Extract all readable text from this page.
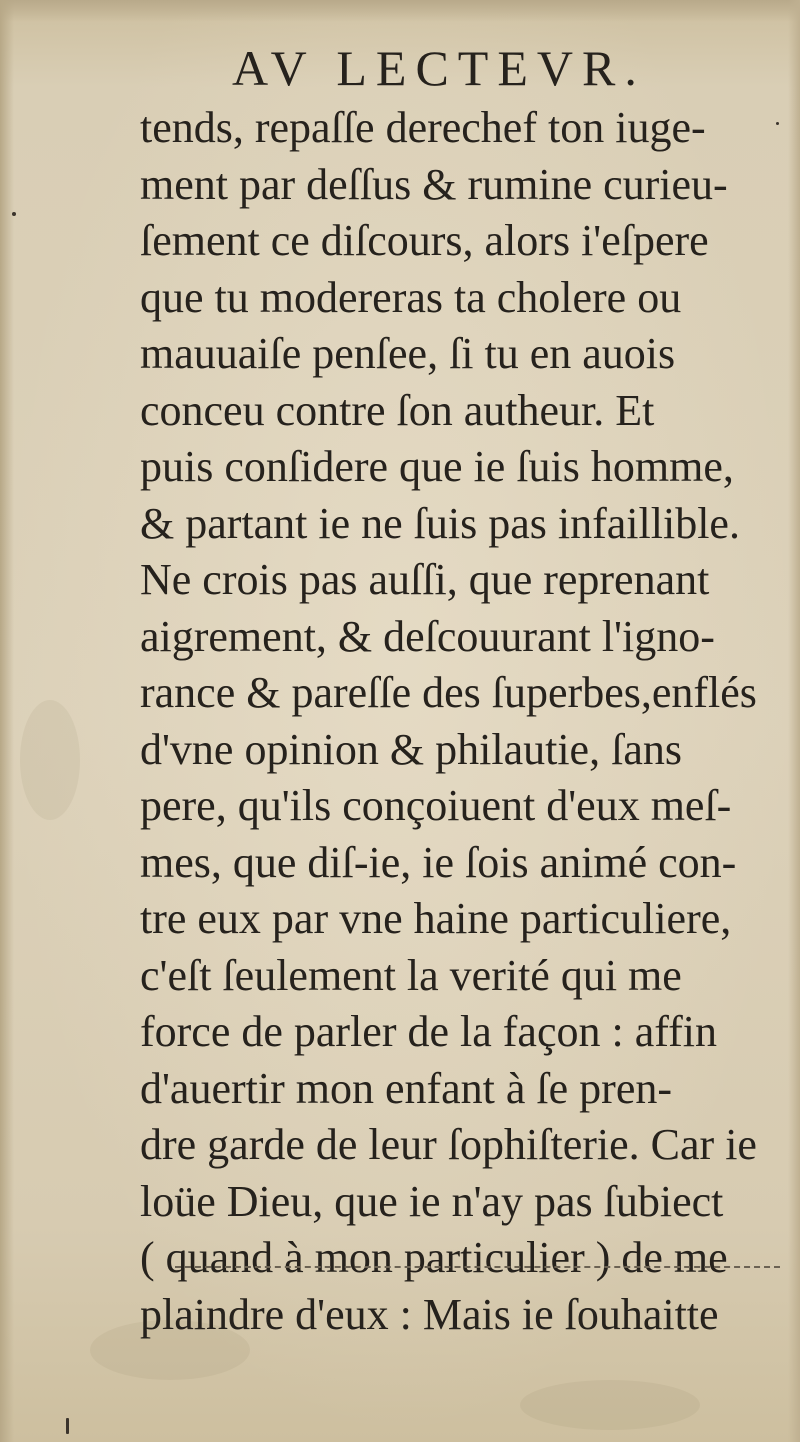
AV LECTEVR.
tends, repaſſe derechef ton iuge-
ment par deſſus & rumine curieu-
ſement ce diſcours, alors i'eſpere
que tu modereras ta cholere ou
mauuaiſe penſee, ſi tu en auois
conceu contre ſon autheur. Et
puis conſidere que ie ſuis homme,
& partant ie ne ſuis pas infaillible.
Ne crois pas auſſi, que reprenant
aigrement, & deſcouurant l'igno-
rance & pareſſe des ſuperbes,enflés
d'vne opinion & philautie, ſans
pere, qu'ils conçoiuent d'eux meſ-
mes, que diſ-ie, ie ſois animé con-
tre eux par vne haine particuliere,
c'eſt ſeulement la verité qui me
force de parler de la façon : affin
d'auertir mon enfant à ſe pren-
dre garde de leur ſophiſterie. Car ie
loüe Dieu, que ie n'ay pas ſubiect
( quand à mon particulier ) de me
plaindre d'eux : Mais ie ſouhaitte
